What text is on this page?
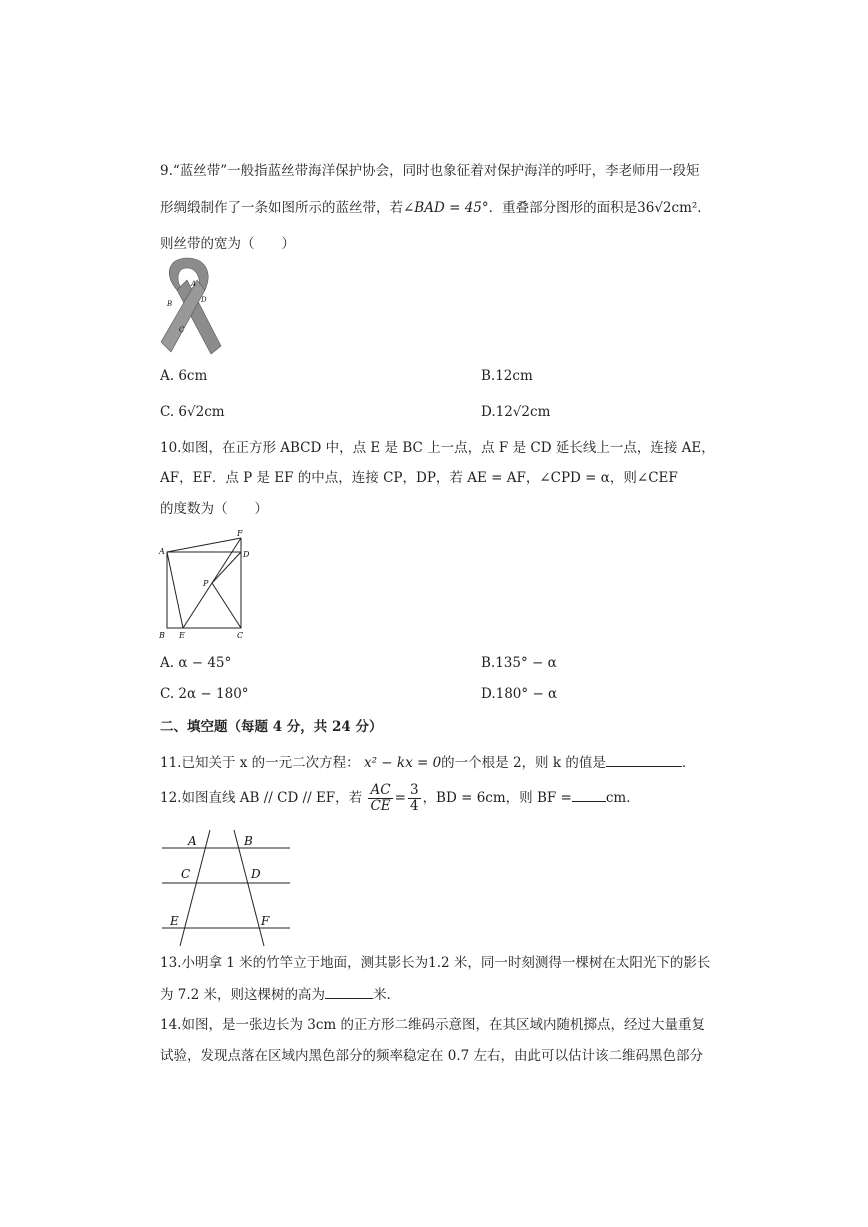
9.“蓝丝带”一般指蓝丝带海洋保护协会，同时也象征着对保护海洋的呼吁，李老师用一段矩
形绸缎制作了一条如图所示的蓝丝带，若∠BAD = 45°．重叠部分图形的面积是36√2cm²．
则丝带的宽为（　　）
A
B	D
C
A. 6cm	B.12cm
C. 6√2cm	D.12√2cm
10.如图，在正方形 ABCD 中，点 E 是 BC 上一点，点 F 是 CD 延长线上一点，连接 AE，
AF，EF．点 P 是 EF 的中点，连接 CP，DP，若 AE = AF，∠CPD = α，则∠CEF
的度数为（　　）
F
A	D
P
B E	C
A. α − 45°	B.135° − α
C. 2α − 180°	D.180° − α
二、填空题（每题 4 分，共 24 分）
11.已知关于 x 的一元二次方程： x² − kx = 0的一个根是 2，则 k 的值是	．
12.如图直线 AB // CD // EF，若 $\frac{AC}{CE} = \frac{3}{4}$ ，BD = 6cm，则 BF =	cm．
A	B
C	D
E	F
13.小明拿 1 米的竹竿立于地面，测其影长为1.2 米，同一时刻测得一棵树在太阳光下的影长
为 7.2 米，则这棵树的高为	米．
14.如图，是一张边长为 3cm 的正方形二维码示意图，在其区域内随机掷点，经过大量重复
试验，发现点落在区域内黑色部分的频率稳定在 0.7 左右，由此可以估计该二维码黑色部分
